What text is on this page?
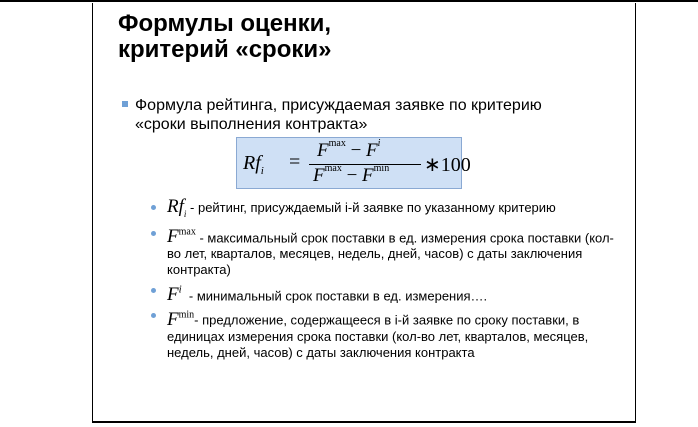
Формулы оценки,
критерий «сроки»
Формула рейтинга, присуждаемая заявке по критерию
«сроки выполнения контракта»
$Rf_i$ =
$F^{max} - F^i$
$F^{max} - F^{min}$ ∗100
$Rf_i$ - рейтинг, присуждаемый i-й заявке по указанному критерию
$F^{max}$ - максимальный срок поставки в ед. измерения срока поставки (кол-во лет, кварталов, месяцев, недель, дней, часов) с даты заключения контракта)
$F^i$  - минимальный срок поставки в ед. измерения….
$F^{min}-$ предложение, содержащееся в i-й заявке по сроку поставки, в единицах измерения срока поставки (кол-во лет, кварталов, месяцев, недель, дней, часов) с даты заключения контракта
